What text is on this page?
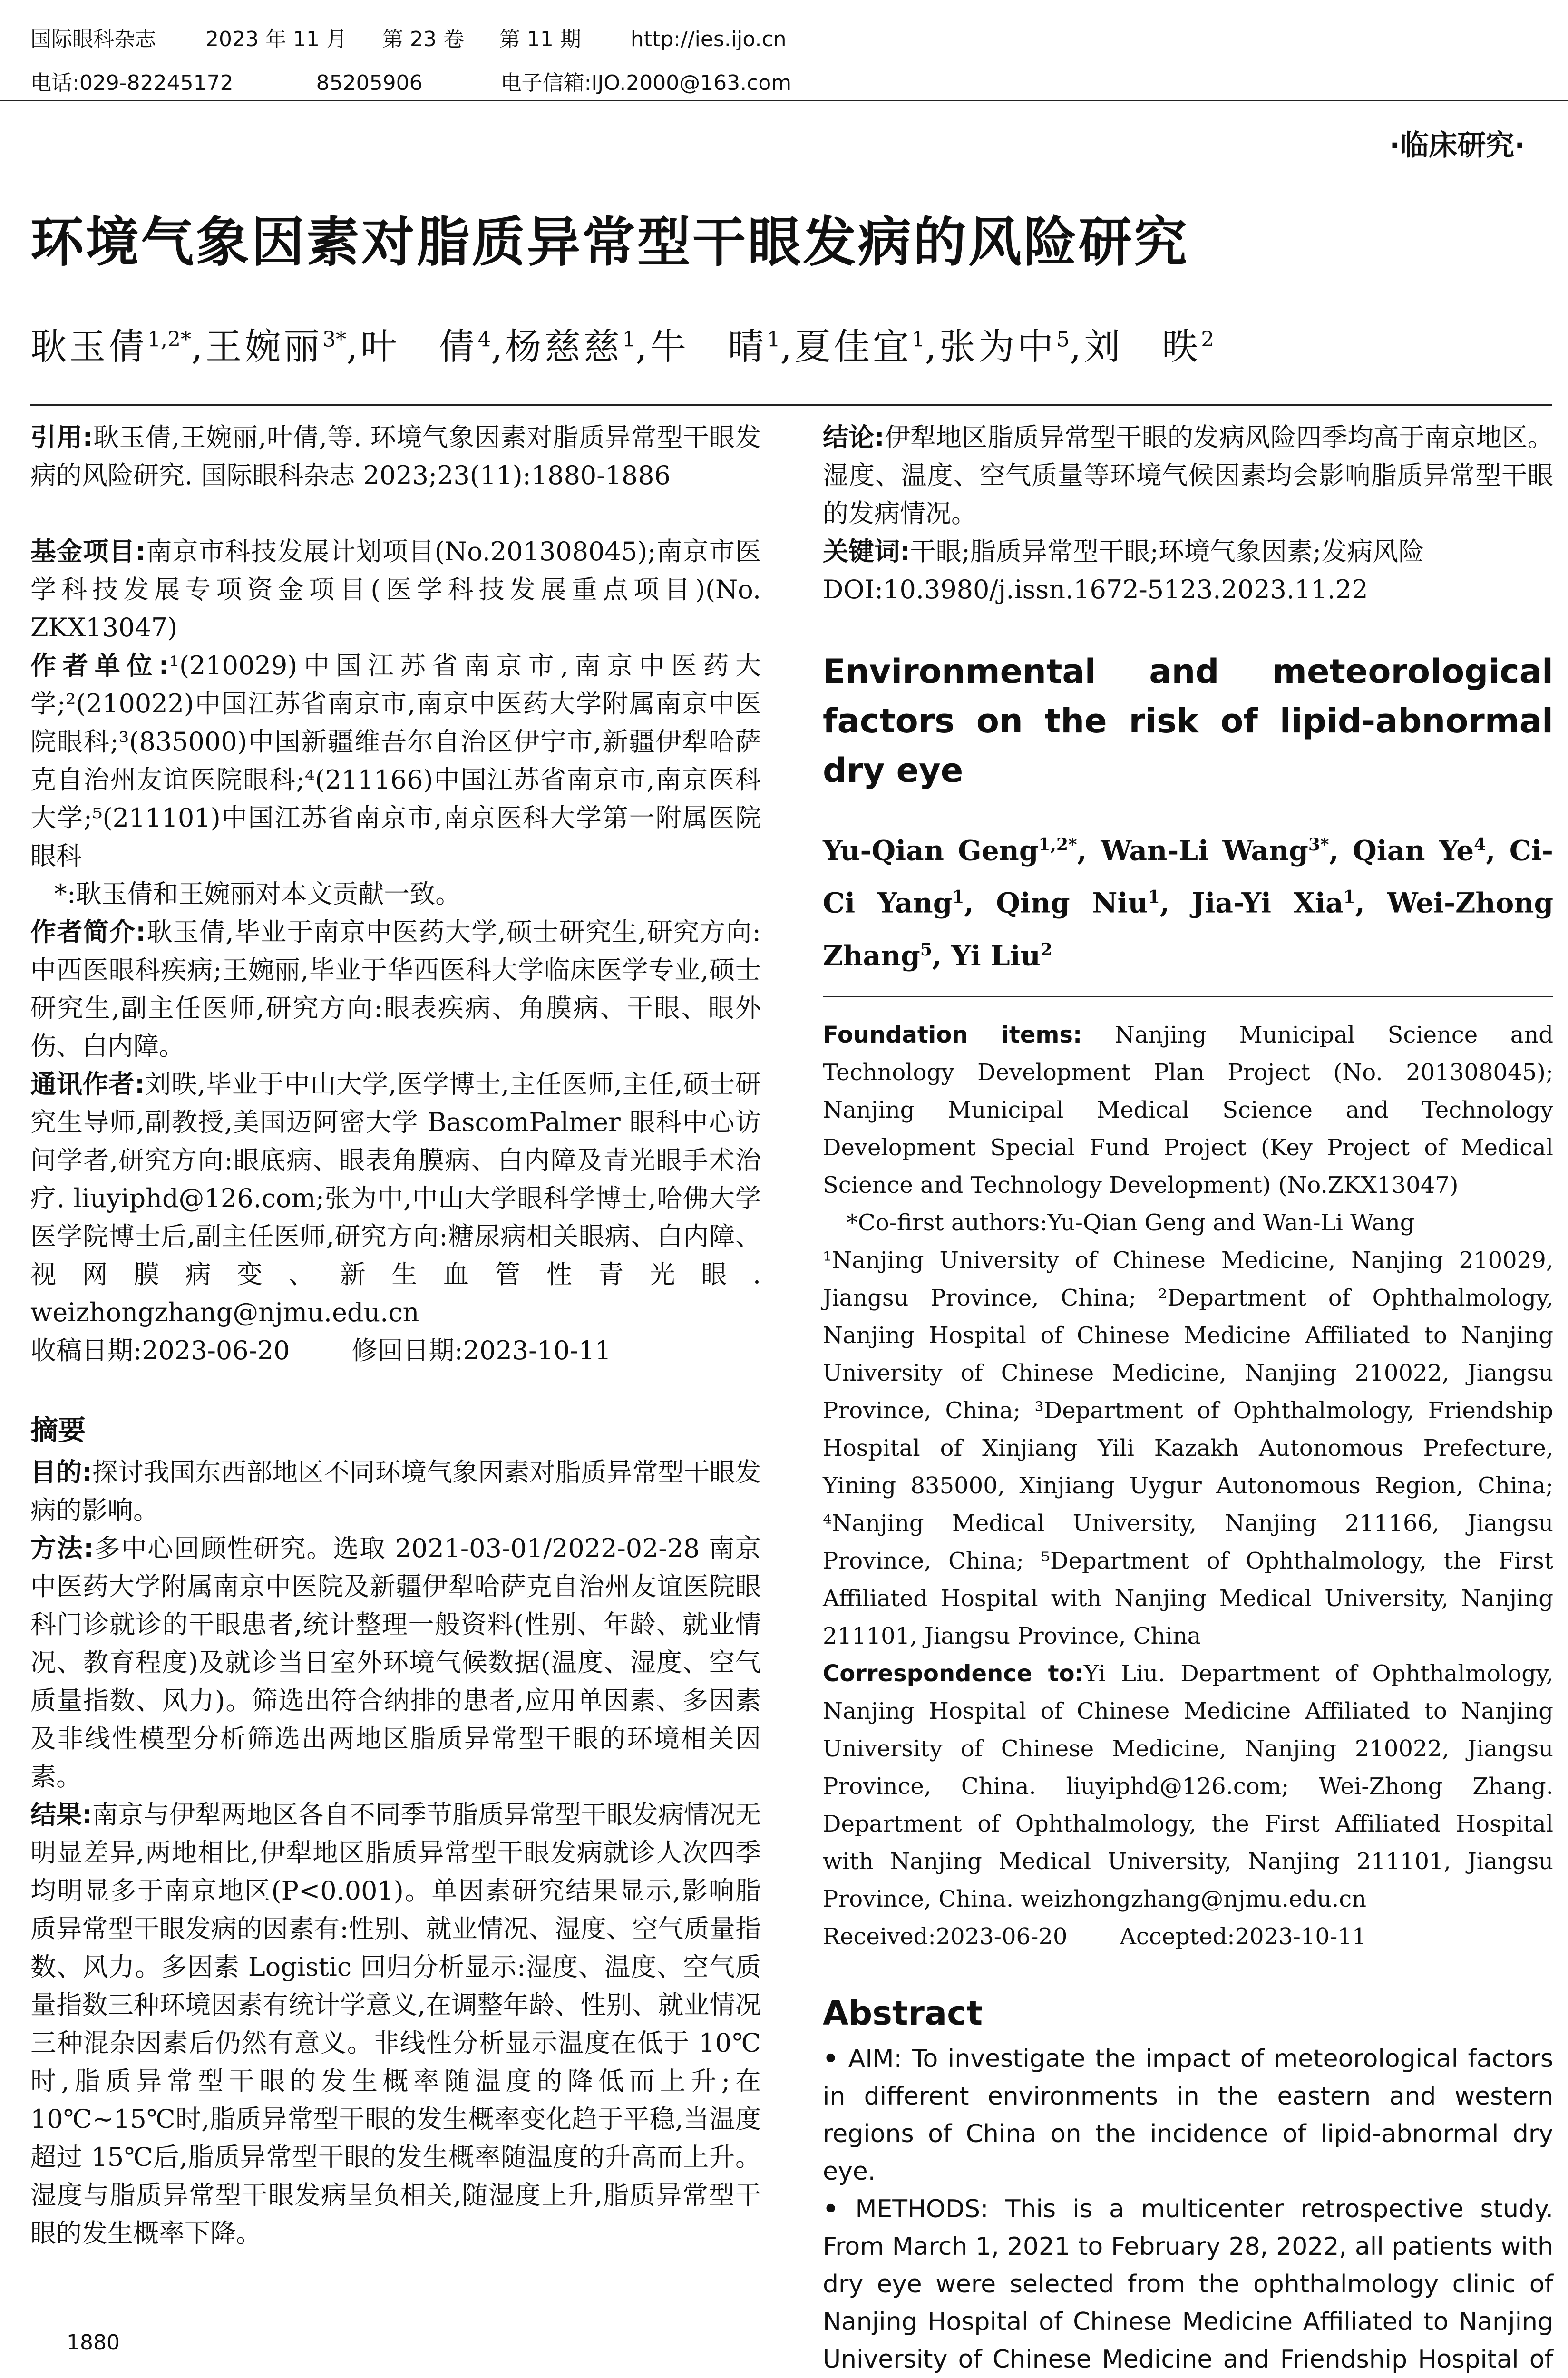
国际眼科杂志 2023 年 11 月 第 23 卷 第 11 期 http://ies.ijo.cn
电话:029-82245172	85205906	电子信箱:IJO.2000@163.com
·临床研究·
环境气象因素对脂质异常型干眼发病的风险研究
耿玉倩$^{1,2*}$,王婉丽$^{3*}$,叶　倩$^4$,杨慈慈$^1$,牛　晴$^1$,夏佳宜$^1$,张为中$^5$,刘　昳$^2$

引用:耿玉倩,王婉丽,叶倩,等. 环境气象因素对脂质异常型干眼发病的风险研究. 国际眼科杂志 2023;23(11):1880-1886

基金项目:南京市科技发展计划项目(No.201308045);南京市医学科技发展专项资金项目(医学科技发展重点项目)(No. ZKX13047)

作者单位:¹(210029)中国江苏省南京市,南京中医药大学;²(210022)中国江苏省南京市,南京中医药大学附属南京中医院眼科;³(835000)中国新疆维吾尔自治区伊宁市,新疆伊犁哈萨克自治州友谊医院眼科;⁴(211166)中国江苏省南京市,南京医科大学;⁵(211101)中国江苏省南京市,南京医科大学第一附属医院眼科

*:耿玉倩和王婉丽对本文贡献一致。

作者简介:耿玉倩,毕业于南京中医药大学,硕士研究生,研究方向:中西医眼科疾病;王婉丽,毕业于华西医科大学临床医学专业,硕士研究生,副主任医师,研究方向:眼表疾病、角膜病、干眼、眼外伤、白内障。

通讯作者:刘昳,毕业于中山大学,医学博士,主任医师,主任,硕士研究生导师,副教授,美国迈阿密大学 BascomPalmer 眼科中心访问学者,研究方向:眼底病、眼表角膜病、白内障及青光眼手术治疗. liuyiphd@126.com;张为中,中山大学眼科学博士,哈佛大学医学院博士后,副主任医师,研究方向:糖尿病相关眼病、白内障、视网膜病变、新生血管性青光眼. weizhongzhang@njmu.edu.cn

收稿日期:2023-06-20 修回日期:2023-10-11

摘要

目的:探讨我国东西部地区不同环境气象因素对脂质异常型干眼发病的影响。

方法:多中心回顾性研究。选取 2021-03-01/2022-02-28 南京中医药大学附属南京中医院及新疆伊犁哈萨克自治州友谊医院眼科门诊就诊的干眼患者,统计整理一般资料(性别、年龄、就业情况、教育程度)及就诊当日室外环境气候数据(温度、湿度、空气质量指数、风力)。筛选出符合纳排的患者,应用单因素、多因素及非线性模型分析筛选出两地区脂质异常型干眼的环境相关因素。

结果:南京与伊犁两地区各自不同季节脂质异常型干眼发病情况无明显差异,两地相比,伊犁地区脂质异常型干眼发病就诊人次四季均明显多于南京地区(P<0.001)。单因素研究结果显示,影响脂质异常型干眼发病的因素有:性别、就业情况、湿度、空气质量指数、风力。多因素 Logistic 回归分析显示:湿度、温度、空气质量指数三种环境因素有统计学意义,在调整年龄、性别、就业情况三种混杂因素后仍然有意义。非线性分析显示温度在低于 10℃时,脂质异常型干眼的发生概率随温度的降低而上升;在10℃~15℃时,脂质异常型干眼的发生概率变化趋于平稳,当温度超过 15℃后,脂质异常型干眼的发生概率随温度的升高而上升。湿度与脂质异常型干眼发病呈负相关,随湿度上升,脂质异常型干眼的发生概率下降。

结论:伊犁地区脂质异常型干眼的发病风险四季均高于南京地区。湿度、温度、空气质量等环境气候因素均会影响脂质异常型干眼的发病情况。

关键词:干眼;脂质异常型干眼;环境气象因素;发病风险

DOI:10.3980/j.issn.1672-5123.2023.11.22

Environmental and meteorological factors on the risk of lipid-abnormal dry eye

Yu-Qian Geng$^{1,2*}$, Wan-Li Wang$^{3*}$, Qian Ye$^4$, Ci-Ci Yang$^1$, Qing Niu$^1$, Jia-Yi Xia$^1$, Wei-Zhong Zhang$^5$, Yi Liu$^2$

Foundation items: Nanjing Municipal Science and Technology Development Plan Project (No. 201308045); Nanjing Municipal Medical Science and Technology Development Special Fund Project (Key Project of Medical Science and Technology Development) (No.ZKX13047)

*Co-first authors:Yu-Qian Geng and Wan-Li Wang

¹Nanjing University of Chinese Medicine, Nanjing 210029, Jiangsu Province, China; ²Department of Ophthalmology, Nanjing Hospital of Chinese Medicine Affiliated to Nanjing University of Chinese Medicine, Nanjing 210022, Jiangsu Province, China; ³Department of Ophthalmology, Friendship Hospital of Xinjiang Yili Kazakh Autonomous Prefecture, Yining 835000, Xinjiang Uygur Autonomous Region, China; ⁴Nanjing Medical University, Nanjing 211166, Jiangsu Province, China; ⁵Department of Ophthalmology, the First Affiliated Hospital with Nanjing Medical University, Nanjing 211101, Jiangsu Province, China

Correspondence to:Yi Liu. Department of Ophthalmology, Nanjing Hospital of Chinese Medicine Affiliated to Nanjing University of Chinese Medicine, Nanjing 210022, Jiangsu Province, China. liuyiphd@126.com; Wei-Zhong Zhang. Department of Ophthalmology, the First Affiliated Hospital with Nanjing Medical University, Nanjing 211101, Jiangsu Province, China. weizhongzhang@njmu.edu.cn

Received:2023-06-20 Accepted:2023-10-11

Abstract

• AIM: To investigate the impact of meteorological factors in different environments in the eastern and western regions of China on the incidence of lipid-abnormal dry eye.

• METHODS: This is a multicenter retrospective study. From March 1, 2021 to February 28, 2022, all patients with dry eye were selected from the ophthalmology clinic of Nanjing Hospital of Chinese Medicine Affiliated to Nanjing University of Chinese Medicine and Friendship Hospital of

1880
